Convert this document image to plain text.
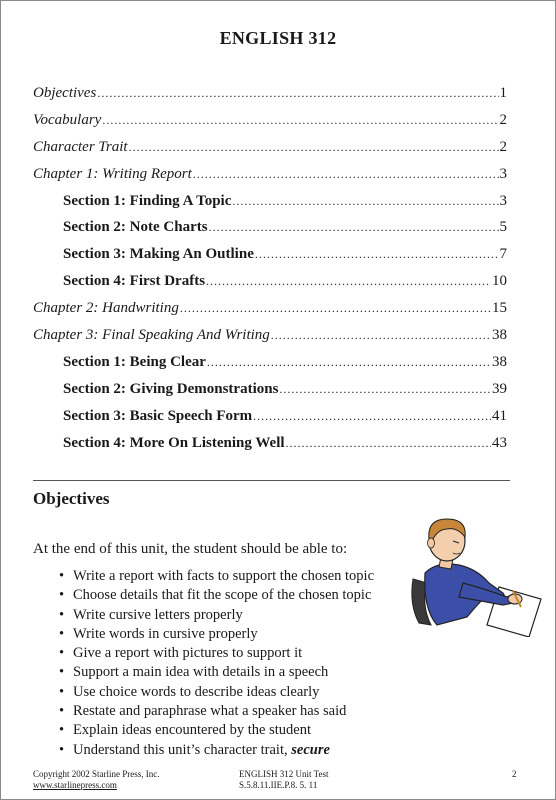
ENGLISH 312
Objectives .....	1
Vocabulary .....	2
Character Trait .....	2
Chapter 1: Writing Report .....	3
Section 1: Finding A Topic .....	3
Section 2: Note Charts .....	5
Section 3: Making An Outline .....	7
Section 4: First Drafts .....	10
Chapter 2: Handwriting .....	15
Chapter 3: Final Speaking And Writing .....	38
Section 1: Being Clear .....	38
Section 2: Giving Demonstrations .....	39
Section 3: Basic Speech Form .....	41
Section 4: More On Listening Well .....	43
Objectives
At the end of this unit, the student should be able to:
• Write a report with facts to support the chosen topic
• Choose details that fit the scope of the chosen topic
• Write cursive letters properly
• Write words in cursive properly
• Give a report with pictures to support it
• Support a main idea with details in a speech
• Use choice words to describe ideas clearly
• Restate and paraphrase what a speaker has said
• Explain ideas encountered by the student
• Understand this unit’s character trait, secure
Copyright 2002 Starline Press, Inc.
www.starlinepress.com
ENGLISH 312 Unit Test
S.5.8.11.IIE.P.8. 5. 11
2
